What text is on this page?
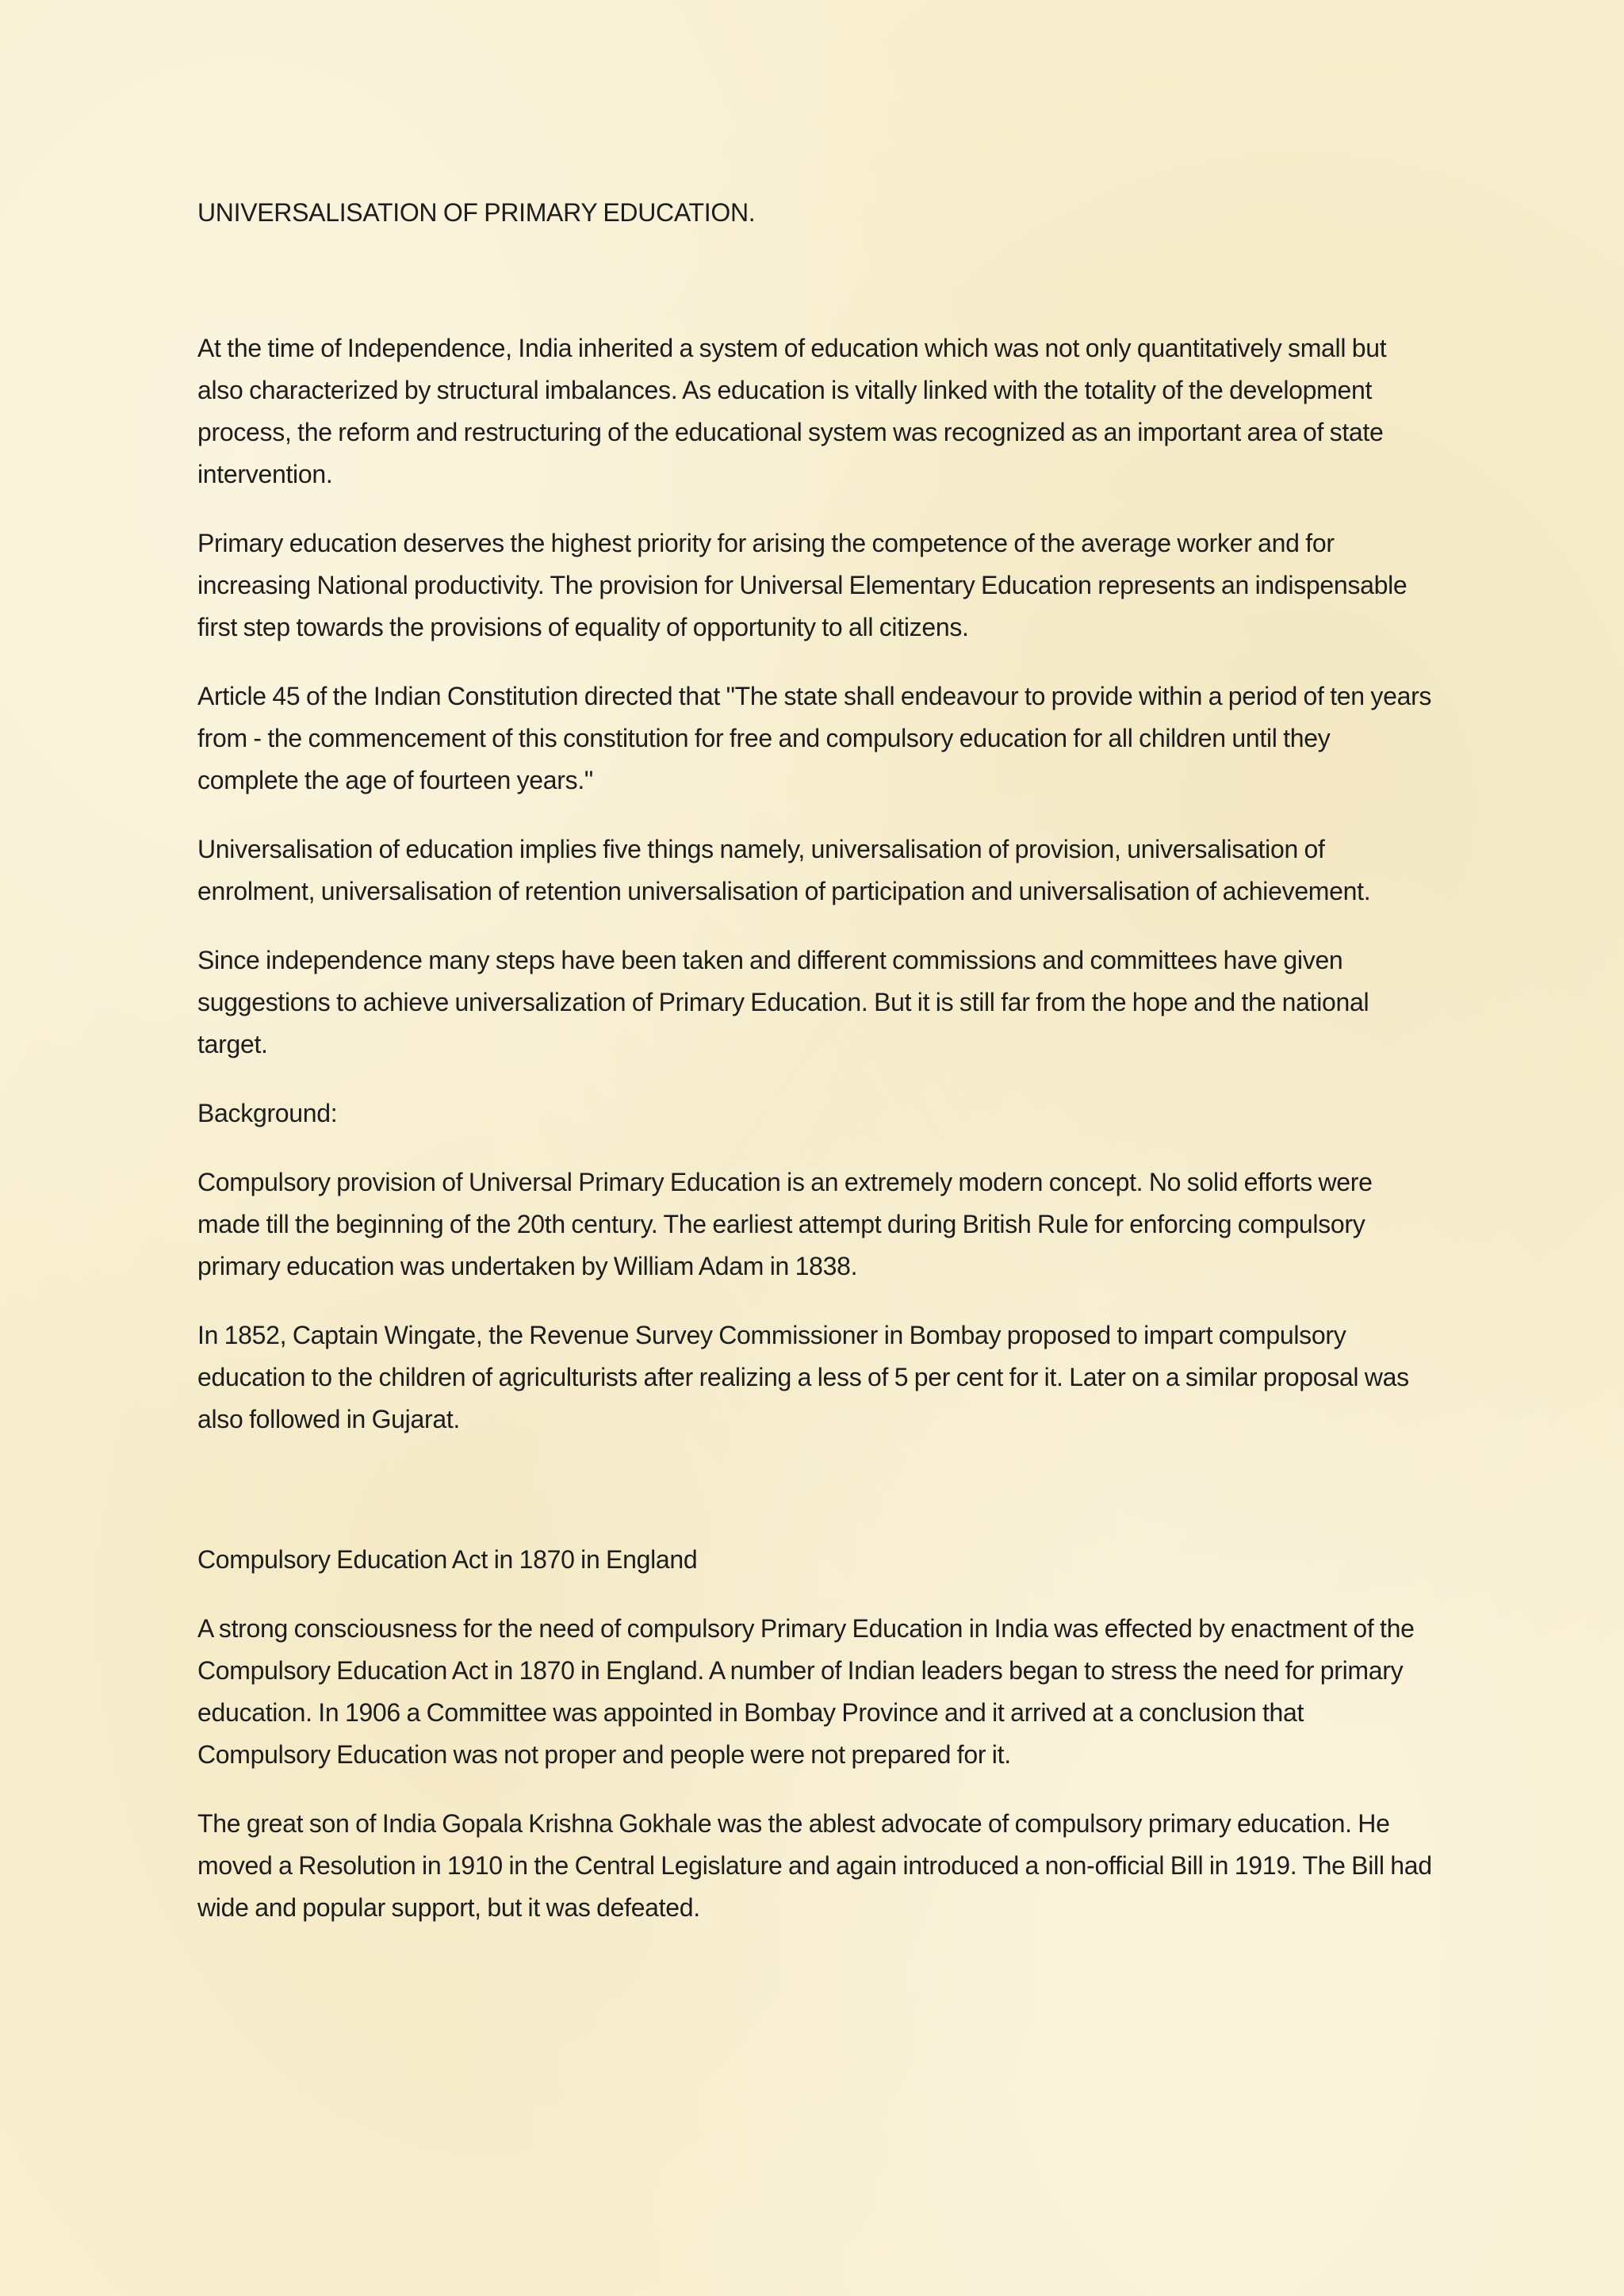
UNIVERSALISATION OF PRIMARY EDUCATION.

At the time of Independence, India inherited a system of education which was not only quantitatively small but also characterized by structural imbalances. As education is vitally linked with the totality of the development process, the reform and restructuring of the educational system was recognized as an important area of state intervention.

Primary education deserves the highest priority for arising the competence of the average worker and for increasing National productivity. The provision for Universal Elementary Education represents an indispensable first step towards the provisions of equality of opportunity to all citizens.

Article 45 of the Indian Constitution directed that "The state shall endeavour to provide within a period of ten years from - the commencement of this constitution for free and compulsory education for all children until they complete the age of fourteen years."

Universalisation of education implies five things namely, universalisation of provision, universalisation of enrolment, universalisation of retention universalisation of participation and universalisation of achievement.

Since independence many steps have been taken and different commissions and committees have given suggestions to achieve universalization of Primary Education. But it is still far from the hope and the national target.

Background:

Compulsory provision of Universal Primary Education is an extremely modern concept. No solid efforts were made till the beginning of the 20th century. The earliest attempt during British Rule for enforcing compulsory primary education was undertaken by William Adam in 1838.

In 1852, Captain Wingate, the Revenue Survey Commissioner in Bombay proposed to impart compulsory education to the children of agriculturists after realizing a less of 5 per cent for it. Later on a similar proposal was also followed in Gujarat.

Compulsory Education Act in 1870 in England

A strong consciousness for the need of compulsory Primary Education in India was effected by enactment of the Compulsory Education Act in 1870 in England. A number of Indian leaders began to stress the need for primary education. In 1906 a Committee was appointed in Bombay Province and it arrived at a conclusion that Compulsory Education was not proper and people were not prepared for it.

The great son of India Gopala Krishna Gokhale was the ablest advocate of compulsory primary education. He moved a Resolution in 1910 in the Central Legislature and again introduced a non-official Bill in 1919. The Bill had wide and popular support, but it was defeated.
